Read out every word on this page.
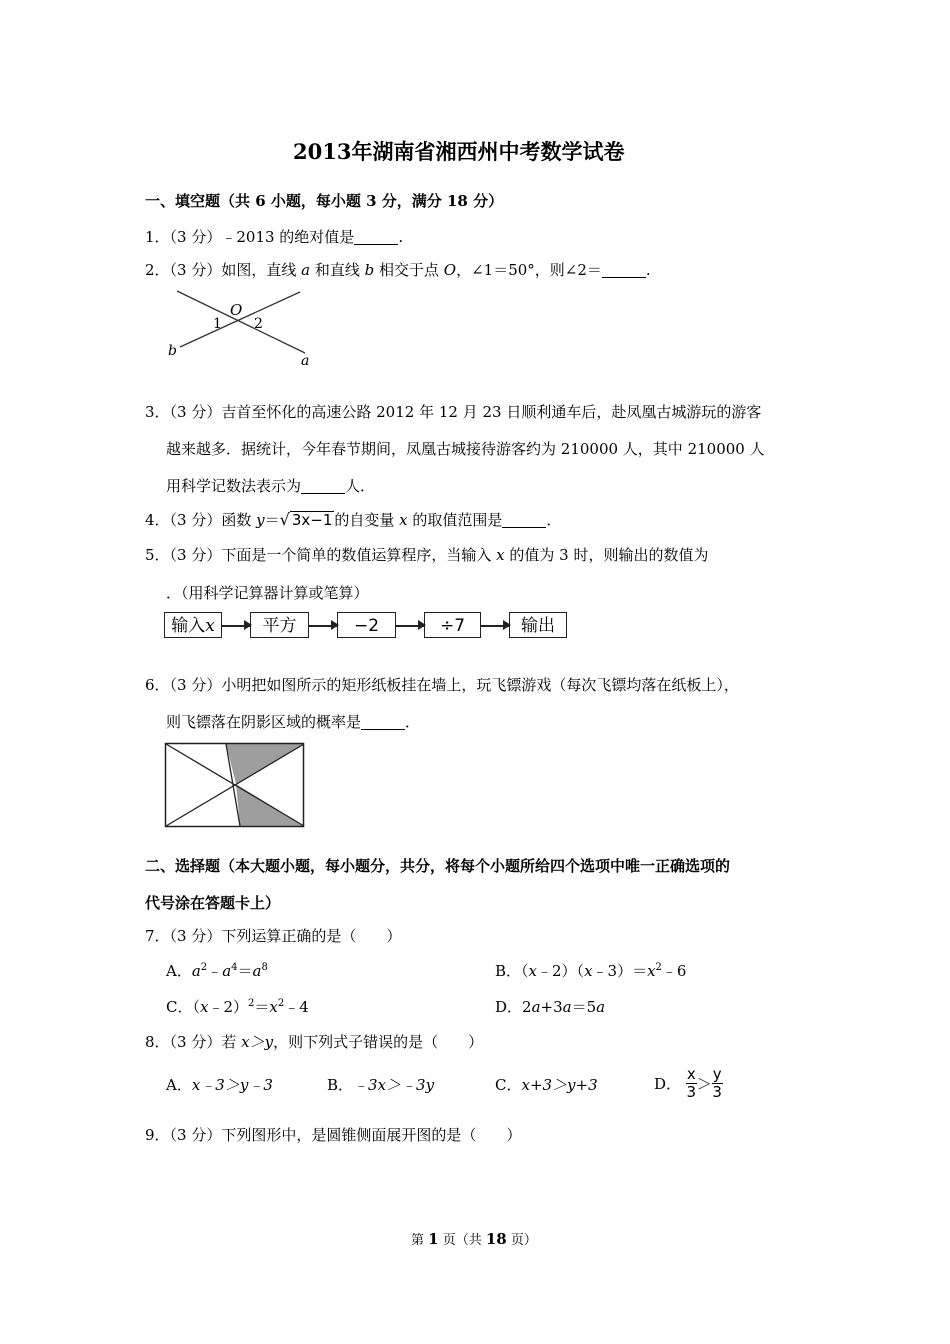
2013年湖南省湘西州中考数学试卷
一、填空题（共 6 小题，每小题 3 分，满分 18 分）
1．（3 分）﹣2013 的绝对值是	.
2．（3 分）如图，直线 a 和直线 b 相交于点 O，∠1＝50°，则∠2＝	.
O
1 2
a
b
3．（3 分）吉首至怀化的高速公路 2012 年 12 月 23 日顺利通车后，赴凤凰古城游玩的游客
越来越多．据统计，今年春节期间，凤凰古城接待游客约为 210000 人，其中 210000 人
用科学记数法表示为	人．
4．（3 分）函数 y＝√ 3x−1 的自变量 x 的取值范围是	．
5．（3 分）下面是一个简单的数值运算程序，当输入 x 的值为 3 时，则输出的数值为
．（用科学记算器计算或笔算）
输入x	平方	−2	÷7	输出
6．（3 分）小明把如图所示的矩形纸板挂在墙上，玩飞镖游戏（每次飞镖均落在纸板上），
则飞镖落在阴影区域的概率是	．
二、选择题（本大题小题，每小题分，共分，将每个小题所给四个选项中唯一正确选项的
代号涂在答题卡上）
7．（3 分）下列运算正确的是（　　）
A．$a^2﹣a^4=a^8$	B．$(x﹣2)(x﹣3)=x^2﹣6$
C．$(x﹣2)^2=x^2﹣4$	D．2a+3a＝5a
8．（3 分）若 x＞y，则下列式子错误的是（　　）
A．x﹣3＞y﹣3	B．﹣3x＞﹣3y	C．x+3＞y+3	D． $\frac{x}{3} > \frac{y}{3}$
9．（3 分）下列图形中，是圆锥侧面展开图的是（　　）
第 1 页（共 18 页）
